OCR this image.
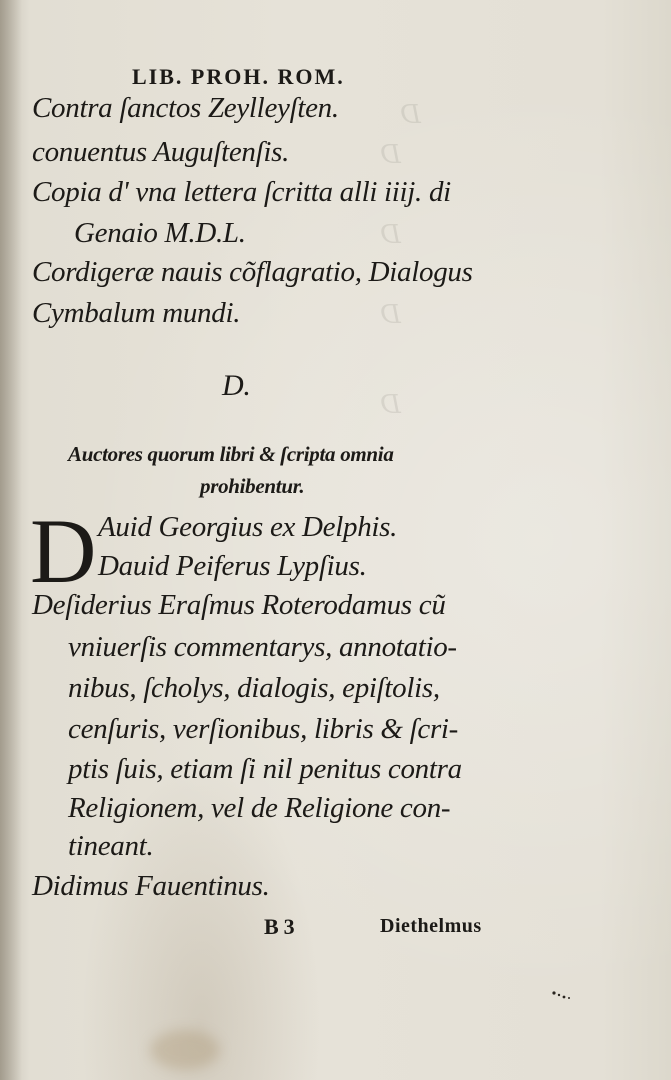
D
D
D
D
D
LIB. PROH. ROM.
Contra ſanctos Zeylleyſten.
conuentus Auguſtenſis.
Copia d' vna lettera ſcritta alli iiij. di
Genaio M.D.L.
Cordigeræ nauis cõflagratio, Dialogus
Cymbalum mundi.
D.
Auctores quorum libri & ſcripta omnia
prohibentur.
D Auid Georgius ex Delphis.
Dauid Peiferus Lypſius.
Deſiderius Eraſmus Roterodamus cũ
vniuerſis commentarys, annotatio-
nibus, ſcholys, dialogis, epiſtolis,
cenſuris, verſionibus, libris & ſcri-
ptis ſuis, etiam ſi nil penitus contra
Religionem, vel de Religione con-
tineant.
Didimus Fauentinus.
B 3	Diethelmus
